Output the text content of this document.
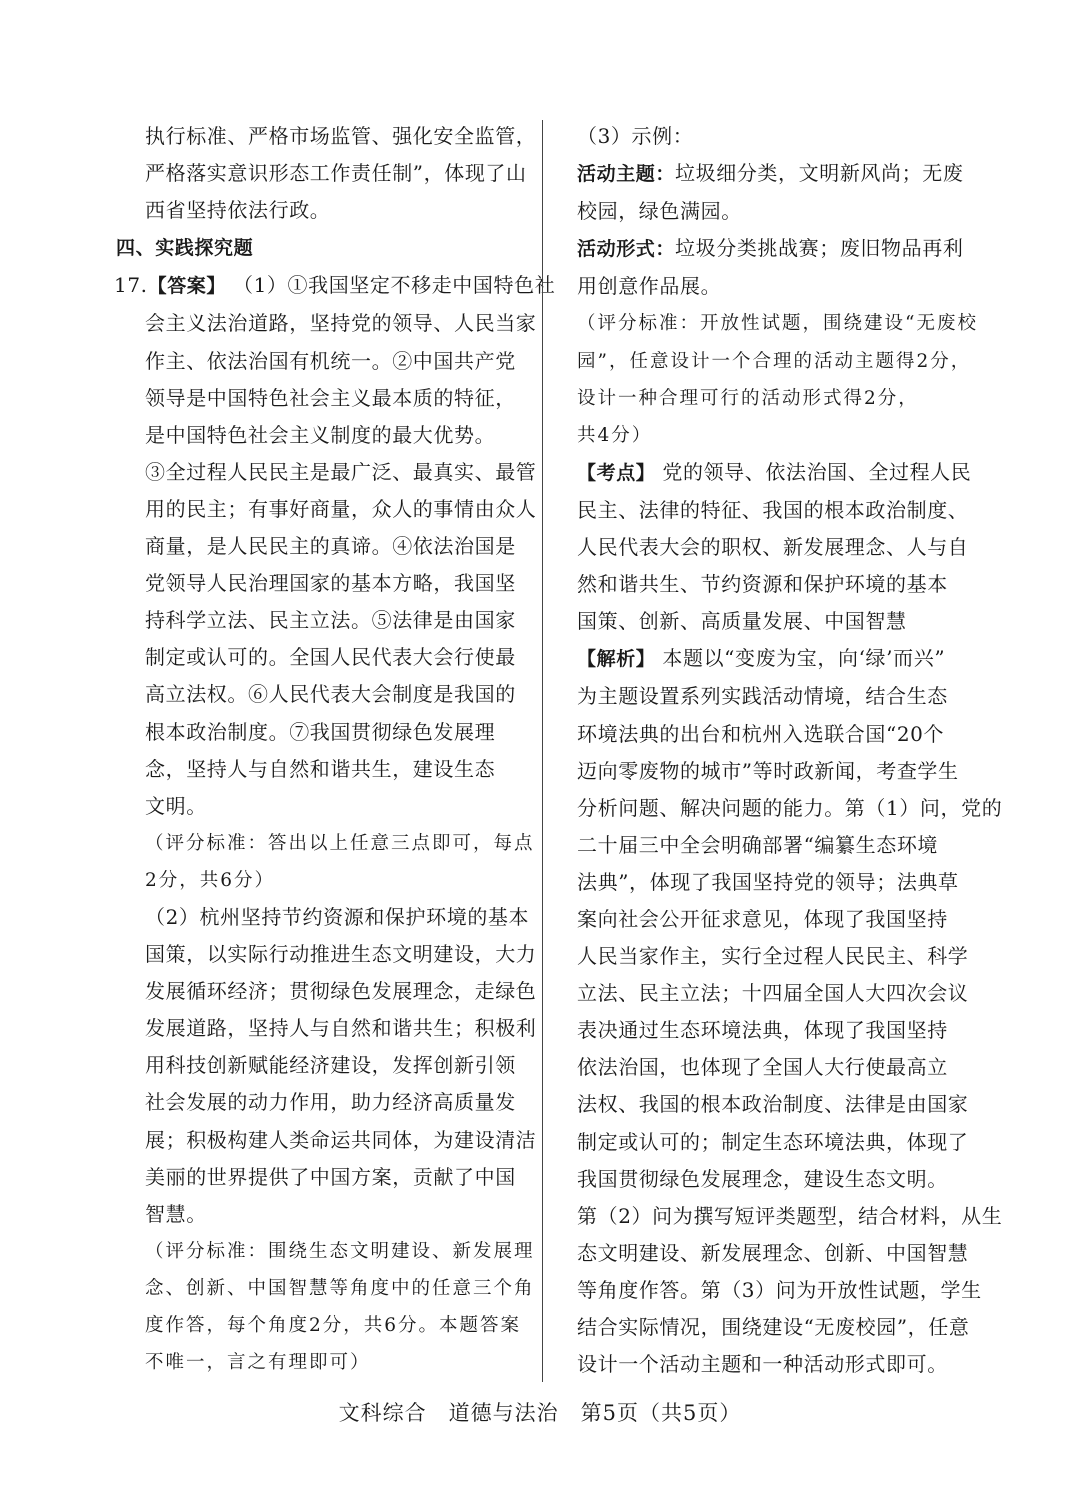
执行标准、严格市场监管、强化安全监管，
严格落实意识形态工作责任制”，体现了山
西省坚持依法行政。
四、实践探究题
17.【答案】 （1）①我国坚定不移走中国特色社
会主义法治道路，坚持党的领导、人民当家
作主、依法治国有机统一。②中国共产党
领导是中国特色社会主义最本质的特征，
是中国特色社会主义制度的最大优势。
③全过程人民民主是最广泛、最真实、最管
用的民主；有事好商量，众人的事情由众人
商量，是人民民主的真谛。④依法治国是
党领导人民治理国家的基本方略，我国坚
持科学立法、民主立法。⑤法律是由国家
制定或认可的。全国人民代表大会行使最
高立法权。⑥人民代表大会制度是我国的
根本政治制度。⑦我国贯彻绿色发展理
念，坚持人与自然和谐共生，建设生态
文明。
（评分标准：答出以上任意三点即可，每点
2分，共6分）
（2）杭州坚持节约资源和保护环境的基本
国策，以实际行动推进生态文明建设，大力
发展循环经济；贯彻绿色发展理念，走绿色
发展道路，坚持人与自然和谐共生；积极利
用科技创新赋能经济建设，发挥创新引领
社会发展的动力作用，助力经济高质量发
展；积极构建人类命运共同体，为建设清洁
美丽的世界提供了中国方案，贡献了中国
智慧。
（评分标准：围绕生态文明建设、新发展理
念、创新、中国智慧等角度中的任意三个角
度作答，每个角度2分，共6分。本题答案
不唯一，言之有理即可）
（3）示例：
活动主题：垃圾细分类，文明新风尚；无废
校园，绿色满园。
活动形式：垃圾分类挑战赛；废旧物品再利
用创意作品展。
（评分标准：开放性试题，围绕建设“无废校
园”，任意设计一个合理的活动主题得2分，
设计一种合理可行的活动形式得2分，
共4分）
【考点】 党的领导、依法治国、全过程人民
民主、法律的特征、我国的根本政治制度、
人民代表大会的职权、新发展理念、人与自
然和谐共生、节约资源和保护环境的基本
国策、创新、高质量发展、中国智慧
【解析】 本题以“变废为宝，向‘绿’而兴”
为主题设置系列实践活动情境，结合生态
环境法典的出台和杭州入选联合国“20个
迈向零废物的城市”等时政新闻，考查学生
分析问题、解决问题的能力。第（1）问，党的
二十届三中全会明确部署“编纂生态环境
法典”，体现了我国坚持党的领导；法典草
案向社会公开征求意见，体现了我国坚持
人民当家作主，实行全过程人民民主、科学
立法、民主立法；十四届全国人大四次会议
表决通过生态环境法典，体现了我国坚持
依法治国，也体现了全国人大行使最高立
法权、我国的根本政治制度、法律是由国家
制定或认可的；制定生态环境法典，体现了
我国贯彻绿色发展理念，建设生态文明。
第（2）问为撰写短评类题型，结合材料，从生
态文明建设、新发展理念、创新、中国智慧
等角度作答。第（3）问为开放性试题，学生
结合实际情况，围绕建设“无废校园”，任意
设计一个活动主题和一种活动形式即可。
文科综合　道德与法治　第5页（共5页）
